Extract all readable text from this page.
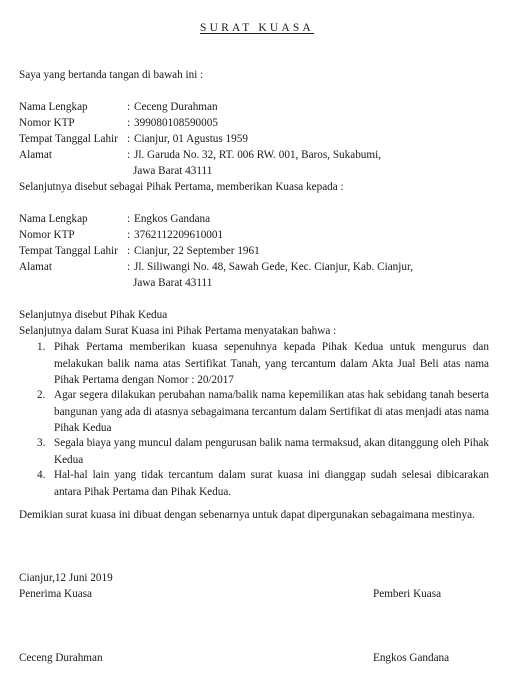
SURAT KUASA
Saya yang bertanda tangan di bawah ini :
Nama Lengkap	: Ceceng Durahman
Nomor KTP	: 399080108590005
Tempat Tanggal Lahir : Cianjur, 01 Agustus 1959
Alamat	: Jl. Garuda No. 32, RT. 006 RW. 001, Baros, Sukabumi,
Jawa Barat 43111
Selanjutnya disebut sebagai Pihak Pertama, memberikan Kuasa kepada :
Nama Lengkap	: Engkos Gandana
Nomor KTP	: 3762112209610001
Tempat Tanggal Lahir : Cianjur, 22 September 1961
Alamat	: Jl. Siliwangi No. 48, Sawah Gede, Kec. Cianjur, Kab. Cianjur,
Jawa Barat 43111
Selanjutnya disebut Pihak Kedua
Selanjutnya dalam Surat Kuasa ini Pihak Pertama menyatakan bahwa :
1. Pihak Pertama memberikan kuasa sepenuhnya kepada Pihak Kedua untuk mengurus dan melakukan balik nama atas Sertifikat Tanah, yang tercantum dalam Akta Jual Beli atas nama Pihak Pertama dengan Nomor : 20/2017
2. Agar segera dilakukan perubahan nama/balik nama kepemilikan atas hak sebidang tanah beserta bangunan yang ada di atasnya sebagaimana tercantum dalam Sertifikat di atas menjadi atas nama Pihak Kedua
3. Segala biaya yang muncul dalam pengurusan balik nama termaksud, akan ditanggung oleh Pihak Kedua
4. Hal-hal lain yang tidak tercantum dalam surat kuasa ini dianggap sudah selesai dibicarakan antara Pihak Pertama dan Pihak Kedua.
Demikian surat kuasa ini dibuat dengan sebenarnya untuk dapat dipergunakan sebagaimana mestinya.
Cianjur,12 Juni 2019
Penerima Kuasa	Pemberi Kuasa
Ceceng Durahman	Engkos Gandana
